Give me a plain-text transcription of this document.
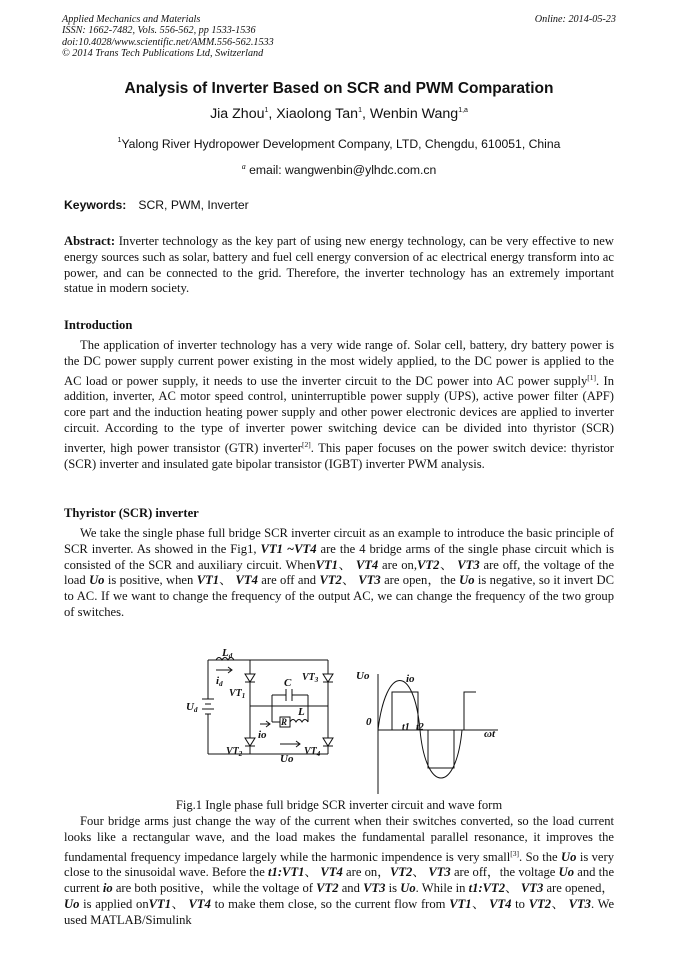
Applied Mechanics and Materials
ISSN: 1662-7482, Vols. 556-562, pp 1533-1536
doi:10.4028/www.scientific.net/AMM.556-562.1533
© 2014 Trans Tech Publications Ltd, Switzerland
Online: 2014-05-23
Analysis of Inverter Based on SCR and PWM Comparation
Jia Zhou$^1$, Xiaolong Tan$^1$, Wenbin Wang$^{1,a}$
$^1$Yalong River Hydropower Development Company, LTD, Chengdu, 610051, China
$^a$ email: wangwenbin@ylhdc.com.cn
Keywords: SCR, PWM, Inverter

Abstract: Inverter technology as the key part of using new energy technology, can be very effective to new energy sources such as solar, battery and fuel cell energy conversion of ac electrical energy transform into ac power, and can be connected to the grid. Therefore, the inverter technology has an extremely important statue in modern society.

Introduction

The application of inverter technology has a very wide range of. Solar cell, battery, dry battery power is the DC power supply current power existing in the most widely applied, to the DC power is applied to the AC load or power supply, it needs to use the inverter circuit to the DC power into AC power supply[1]. In addition, inverter, AC motor speed control, uninterruptible power supply (UPS), active power filter (APF) core part and the induction heating power supply and other power electronic devices are applied to inverter circuit. According to the type of inverter power switching device can be divided into thyristor (SCR) inverter, high power transistor (GTR) inverter[2]. This paper focuses on the power switch device: thyristor (SCR) inverter and insulated gate bipolar transistor (IGBT) inverter PWM analysis.

Thyristor (SCR) inverter

We take the single phase full bridge SCR inverter circuit as an example to introduce the basic principle of SCR inverter. As showed in the Fig1, VT1 ~VT4 are the 4 bridge arms of the single phase circuit which is consisted of the SCR and auxiliary circuit. WhenVT1、 VT4 are on,VT2、 VT3 are off, the voltage of the load Uo is positive, when VT1、 VT4 are off and VT2、 VT3 are open，the Uo is negative, so it invert DC to AC. If we want to change the frequency of the output AC, we can change the frequency of the two group of switches.

Ld
id
$VT_1$
$VT_3$
C
R
L
Ud
io
Uo
$VT_2$	$VT_4$
Uo	io
0	t1 t2
ωt
Fig.1 Ingle phase full bridge SCR inverter circuit and wave form

Four bridge arms just change the way of the current when their switches converted, so the load current looks like a rectangular wave, and the load makes the fundamental parallel resonance, it improves the fundamental frequency impedance largely while the harmonic impendence is very small[3]. So the Uo is very close to the sinusoidal wave. Before the t1:VT1、 VT4 are on，VT2、 VT3 are off，the voltage Uo and the current io are both positive，while the voltage of VT2 and VT3 is Uo. While in t1:VT2、 VT3 are opened，Uo is applied onVT1、 VT4 to make them close, so the current flow from VT1、 VT4 to VT2、 VT3. We used MATLAB/Simulink
